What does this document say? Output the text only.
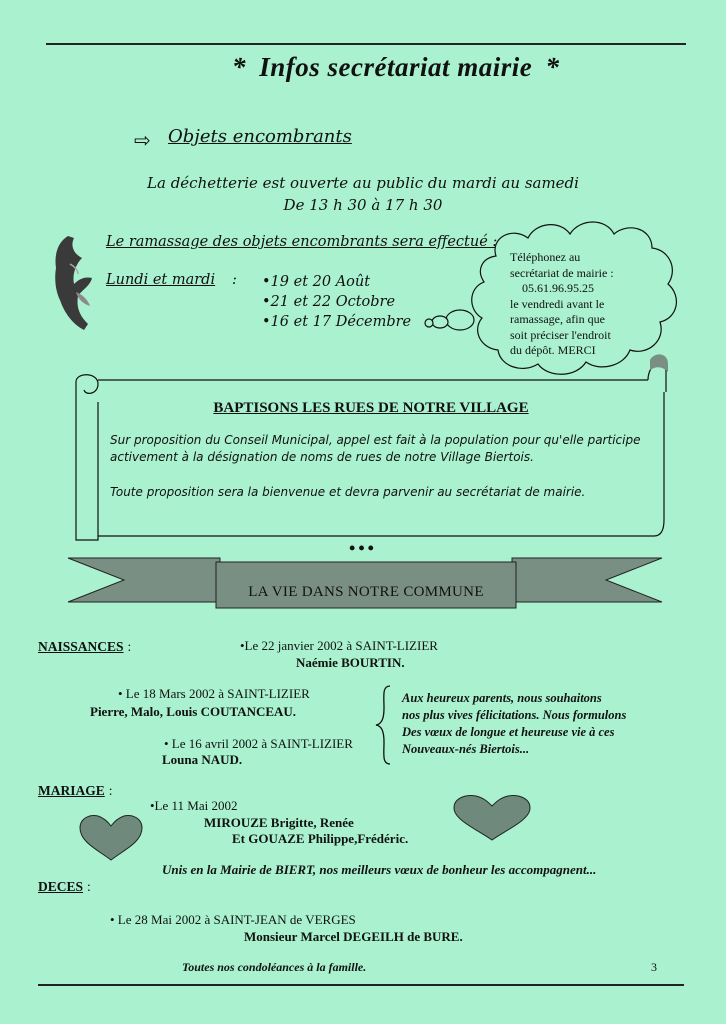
* Infos secrétariat mairie *
⇨ Objets encombrants
La déchetterie est ouverte au public du mardi au samedi
De 13 h 30 à 17 h 30
Le ramassage des objets encombrants sera effectué :
Lundi et mardi : •19 et 20 Août
•21 et 22 Octobre
•16 et 17 Décembre
Téléphonez au
secrétariat de mairie :
05.61.96.95.25
le vendredi avant le
ramassage, afin que
soit préciser l'endroit
du dépôt. MERCI
BAPTISONS LES RUES DE NOTRE VILLAGE
Sur proposition du Conseil Municipal, appel est fait à la population pour qu'elle participe activement à la désignation de noms de rues de notre Village Biertois.
Toute proposition sera la bienvenue et devra parvenir au secrétariat de mairie.
•••
LA VIE DANS NOTRE COMMUNE
NAISSANCES :	•Le 22 janvier 2002 à SAINT-LIZIER
Naémie BOURTIN.
• Le 18 Mars 2002 à SAINT-LIZIER
Pierre, Malo, Louis COUTANCEAU.
• Le 16 avril 2002 à SAINT-LIZIER
Louna NAUD.
Aux heureux parents, nous souhaitons
nos plus vives félicitations. Nous formulons
Des vœux de longue et heureuse vie à ces
Nouveaux-nés Biertois...
MARIAGE :
•Le 11 Mai 2002
MIROUZE Brigitte, Renée
Et GOUAZE Philippe,Frédéric.
Unis en la Mairie de BIERT, nos meilleurs vœux de bonheur les accompagnent...
DECES :
• Le 28 Mai 2002 à SAINT-JEAN de VERGES
Monsieur Marcel DEGEILH de BURE.
Toutes nos condoléances à la famille.	3
